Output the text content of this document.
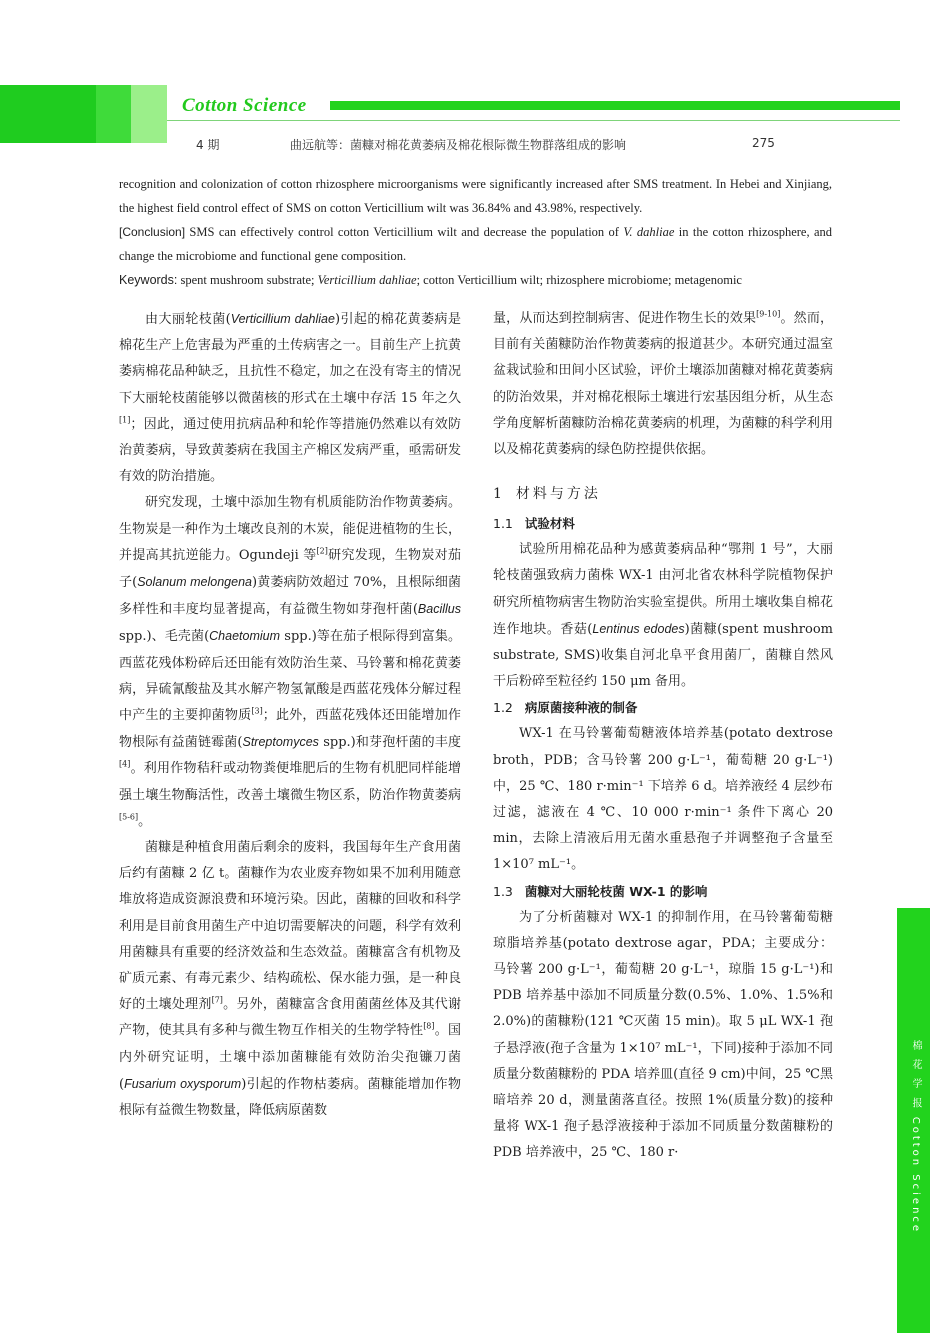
Cotton Science
4 期	曲远航等：菌糠对棉花黄萎病及棉花根际微生物群落组成的影响	275

recognition and colonization of cotton rhizosphere microorganisms were significantly increased after SMS treatment. In Hebei and Xinjiang, the highest field control effect of SMS on cotton Verticillium wilt was 36.84% and 43.98%, respectively.

[Conclusion] SMS can effectively control cotton Verticillium wilt and decrease the population of V. dahliae in the cotton rhizosphere, and change the microbiome and functional gene composition.

Keywords: spent mushroom substrate; Verticillium dahliae; cotton Verticillium wilt; rhizosphere microbiome; metagenomic

由大丽轮枝菌(Verticillium dahliae)引起的棉花黄萎病是棉花生产上危害最为严重的土传病害之一。目前生产上抗黄萎病棉花品种缺乏，且抗性不稳定，加之在没有寄主的情况下大丽轮枝菌能够以微菌核的形式在土壤中存活 15 年之久[1]；因此，通过使用抗病品种和轮作等措施仍然难以有效防治黄萎病，导致黄萎病在我国主产棉区发病严重，亟需研发有效的防治措施。

研究发现，土壤中添加生物有机质能防治作物黄萎病。生物炭是一种作为土壤改良剂的木炭，能促进植物的生长，并提高其抗逆能力。Ogundeji 等[2]研究发现，生物炭对茄子(Solanum melongena)黄萎病防效超过 70%，且根际细菌多样性和丰度均显著提高，有益微生物如芽孢杆菌(Bacillus spp.)、毛壳菌(Chaetomium spp.)等在茄子根际得到富集。西蓝花残体粉碎后还田能有效防治生菜、马铃薯和棉花黄萎病，异硫氰酸盐及其水解产物氢氰酸是西蓝花残体分解过程中产生的主要抑菌物质[3]；此外，西蓝花残体还田能增加作物根际有益菌链霉菌(Streptomyces spp.)和芽孢杆菌的丰度[4]。利用作物秸秆或动物粪便堆肥后的生物有机肥同样能增强土壤生物酶活性，改善土壤微生物区系，防治作物黄萎病[5-6]。

菌糠是种植食用菌后剩余的废料，我国每年生产食用菌后约有菌糠 2 亿 t。菌糠作为农业废弃物如果不加利用随意堆放将造成资源浪费和环境污染。因此，菌糠的回收和科学利用是目前食用菌生产中迫切需要解决的问题，科学有效利用菌糠具有重要的经济效益和生态效益。菌糠富含有机物及矿质元素、有毒元素少、结构疏松、保水能力强，是一种良好的土壤处理剂[7]。另外，菌糠富含食用菌菌丝体及其代谢产物，使其具有多种与微生物互作相关的生物学特性[8]。国内外研究证明，土壤中添加菌糠能有效防治尖孢镰刀菌(Fusarium oxysporum)引起的作物枯萎病。菌糠能增加作物根际有益微生物数量，降低病原菌数

量，从而达到控制病害、促进作物生长的效果[9-10]。然而，目前有关菌糠防治作物黄萎病的报道甚少。本研究通过温室盆栽试验和田间小区试验，评价土壤添加菌糠对棉花黄萎病的防治效果，并对棉花根际土壤进行宏基因组分析，从生态学角度解析菌糠防治棉花黄萎病的机理，为菌糠的科学利用以及棉花黄萎病的绿色防控提供依据。

1 材料与方法
1.1 试验材料

试验所用棉花品种为感黄萎病品种“鄂荆 1 号”，大丽轮枝菌强致病力菌株 WX-1 由河北省农林科学院植物保护研究所植物病害生物防治实验室提供。所用土壤收集自棉花连作地块。香菇(Lentinus edodes)菌糠(spent mushroom substrate, SMS)收集自河北阜平食用菌厂，菌糠自然风干后粉碎至粒径约 150 μm 备用。

1.2 病原菌接种液的制备

WX-1 在马铃薯葡萄糖液体培养基(potato dextrose broth，PDB；含马铃薯 200 g·L⁻¹，葡萄糖 20 g·L⁻¹)中，25 ℃、180 r·min⁻¹ 下培养 6 d。培养液经 4 层纱布过滤，滤液在 4 ℃、10 000 r·min⁻¹ 条件下离心 20 min，去除上清液后用无菌水重悬孢子并调整孢子含量至 1×10⁷ mL⁻¹。

1.3 菌糠对大丽轮枝菌 WX-1 的影响

为了分析菌糠对 WX-1 的抑制作用，在马铃薯葡萄糖琼脂培养基(potato dextrose agar，PDA；主要成分：马铃薯 200 g·L⁻¹，葡萄糖 20 g·L⁻¹，琼脂 15 g·L⁻¹)和 PDB 培养基中添加不同质量分数(0.5%、1.0%、1.5%和 2.0%)的菌糠粉(121 ℃灭菌 15 min)。取 5 μL WX-1 孢子悬浮液(孢子含量为 1×10⁷ mL⁻¹，下同)接种于添加不同质量分数菌糠粉的 PDA 培养皿(直径 9 cm)中间，25 ℃黑暗培养 20 d，测量菌落直径。按照 1%(质量分数)的接种量将 WX-1 孢子悬浮液接种于添加不同质量分数菌糠粉的 PDB 培养液中，25 ℃、180 r·	棉 花 学 报 Cotton Science
